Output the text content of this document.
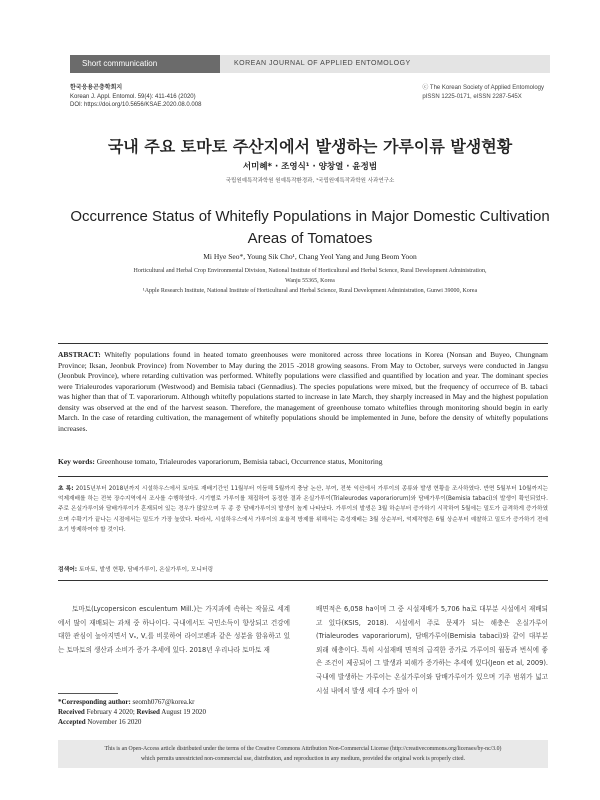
Short communication	KOREAN JOURNAL OF APPLIED ENTOMOLOGY
한국응용곤충학회지
Korean J. Appl. Entomol. 59(4): 411-416 (2020)
DOI: https://doi.org/10.5656/KSAE.2020.08.0.008
ⓒ The Korean Society of Applied Entomology
pISSN 1225-0171, eISSN 2287-545X
국내 주요 토마토 주산지에서 발생하는 가루이류 발생현황
서미혜* · 조영식¹ · 양창열 · 윤정범
국립원예특작과학원 원예특작환경과, ¹국립원예특작과학원 사과연구소
Occurrence Status of Whitefly Populations in Major Domestic Cultivation
Areas of Tomatoes
Mi Hye Seo*, Young Sik Cho¹, Chang Yeol Yang and Jung Beom Yoon
Horticultural and Herbal Crop Environmental Division, National Institute of Horticultural and Herbal Science, Rural Development Administration,
Wanju 55365, Korea
¹Apple Research Institute, National Institute of Horticultural and Herbal Science, Rural Development Administration, Gunwi 39000, Korea
ABSTRACT: Whitefly populations found in heated tomato greenhouses were monitored across three locations in Korea (Nonsan and Buyeo, Chungnam Province; Iksan, Jeonbuk Province) from November to May during the 2015 -2018 growing seasons. From May to October, surveys were conducted in Jangsu (Jeonbuk Province), where retarding cultivation was performed. Whitefly populations were classified and quantified by location and year. The dominant species were Trialeurodes vaporariorum (Westwood) and Bemisia tabaci (Gennadius). The species populations were mixed, but the frequency of occurrece of B. tabaci was higher than that of T. vaporariorum. Although whitefly populations started to increase in late March, they sharply increased in May and the highest population density was observed at the end of the harvest season. Therefore, the management of greenhouse tomato whiteflies through monitoring should begin in early March. In the case of retarding cultivation, the management of whitefly populations should be implemented in June, before the density of whitefly populations increases.
Key words: Greenhouse tomato, Trialeurodes vaporariorum, Bemisia tabaci, Occurrence status, Monitoring
초 록: 2015년부터 2018년까지 시설하우스에서 토마토 재배기간인 11월부터 이듬해 5월까지 충남 논산, 부여, 전북 익산에서 가루이의 종류와 발생 현황을 조사하였다. 반면 5월부터 10월까지는 억제재배를 하는 전북 장수지역에서 조사를 수행하였다. 시기별로 가루이를 채집하여 동정한 결과 온실가루이(Trialeurodes vaporariorum)와 담배가루이(Bemisia tabaci)의 발생이 확인되었다. 주로 온실가루이와 담배가루이가 혼재되어 있는 경우가 많았으며 두 종 중 담배가루이의 발생이 높게 나타났다. 가루이의 발생은 3월 하순부터 증가하기 시작하여 5월에는 밀도가 급격하게 증가하였으며 수확기가 끝나는 시점에서는 밀도가 가장 높았다. 따라서, 시설하우스에서 가루이의 효율적 방제를 위해서는 촉성재배는 3월 상순부터, 억제작형은 6월 상순부터 예찰하고 밀도가 증가하기 전에 초기 방제하여야 할 것이다.
검색어: 토마토, 발생 현황, 담배가루이, 온실가루이, 모니터링
토마토(Lycopersicon esculentum Mill.)는 가지과에 속하는 작물로 세계에서 많이 재배되는 과채 중 하나이다. 국내에서도 국민소득이 향상되고 건강에 대한 관심이 높아지면서 Vₙ, V꜀를 비롯하여 라이코펜과 같은 성분을 함유하고 있는 토마토의 생산과 소비가 증가 추세에 있다. 2018년 우리나라 토마토 재
배면적은 6,058 ha이며 그 중 시설재배가 5,706 ha로 대부분 시설에서 재배되고 있다(KSIS, 2018). 시설에서 주로 문제가 되는 해충은 온실가루이(Trialeurodes vaporariorum), 담배가루이(Bemisia tabaci)와 같이 대부분 외래 해충이다. 특히 시설재배 면적의 급격한 증가로 가루이의 월동과 번식에 좋은 조건이 제공되어 그 발생과 피해가 증가하는 추세에 있다(Jeon et al, 2009). 국내에 발생하는 가루이는 온실가루이와 담배가루이가 있으며 기주 범위가 넓고 시설 내에서 발생 세대 수가 많아 이
*Corresponding author: seomh0767@korea.kr
Received February 4 2020; Revised August 19 2020
Accepted November 16 2020
This is an Open-Access article distributed under the terms of the Creative Commons Attribution Non-Commercial License (http://creativecommons.org/licenses/by-nc/3.0)
which permits unrestricted non-commercial use, distribution, and reproduction in any medium, provided the original work is properly cited.
